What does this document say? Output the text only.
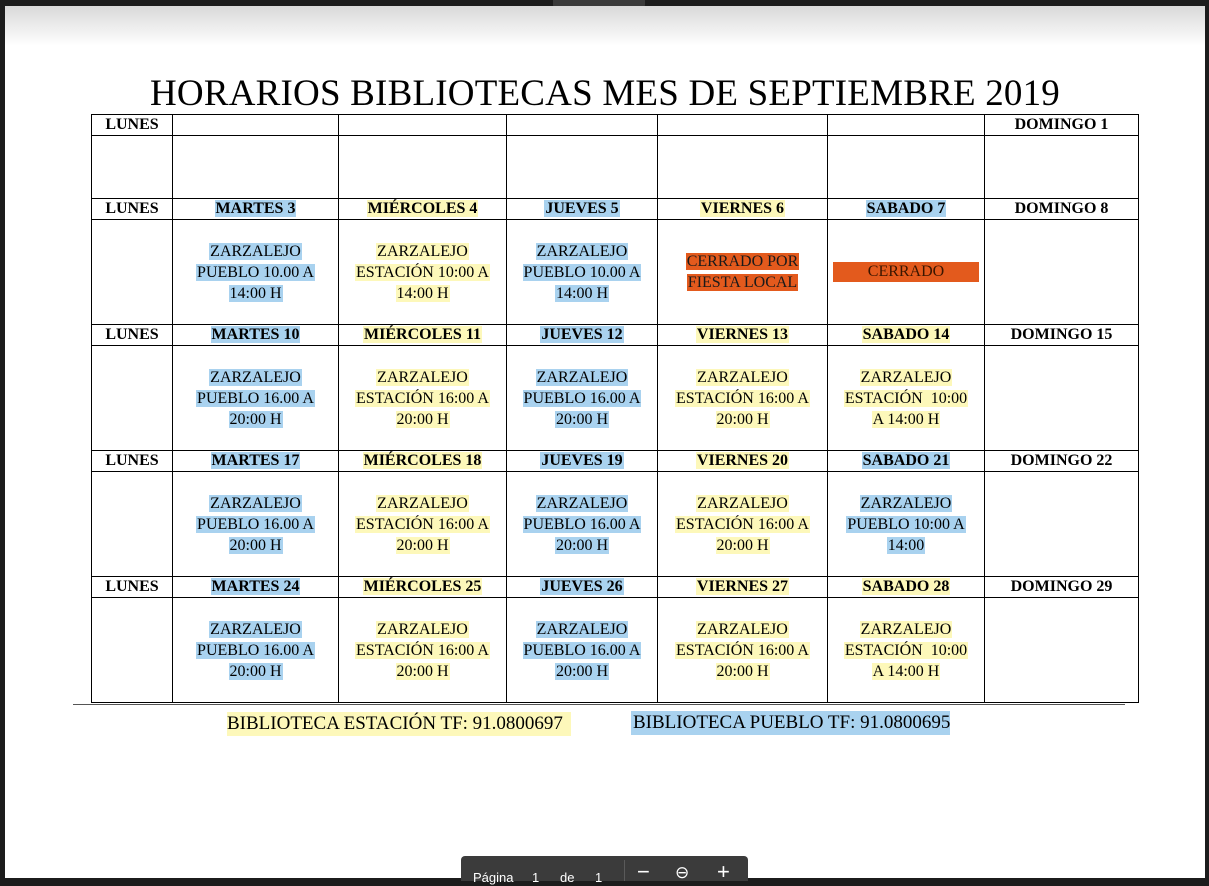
HORARIOS BIBLIOTECAS MES DE SEPTIEMBRE 2019
LUNES						DOMINGO 1

LUNES	MARTES 3	MIÉRCOLES 4	JUEVES 5	VIERNES 6	SABADO 7	DOMINGO 8
	ZARZALEJO
PUEBLO 10.00 A
14:00 H	ZARZALEJO
ESTACIÓN 10:00 A
14:00 H	ZARZALEJO
PUEBLO 10.00 A
14:00 H	CERRADO POR
FIESTA LOCAL	CERRADO	

LUNES	MARTES 10	MIÉRCOLES 11	JUEVES 12	VIERNES 13	SABADO 14	DOMINGO 15
	ZARZALEJO
PUEBLO 16.00 A
20:00 H	ZARZALEJO
ESTACIÓN 16:00 A
20:00 H	ZARZALEJO
PUEBLO 16.00 A
20:00 H	ZARZALEJO
ESTACIÓN 16:00 A
20:00 H	ZARZALEJO
ESTACIÓN  10:00
A 14:00 H	
LUNES	MARTES 17	MIÉRCOLES 18	JUEVES 19	VIERNES 20	SABADO 21	DOMINGO 22
	ZARZALEJO
PUEBLO 16.00 A
20:00 H	ZARZALEJO
ESTACIÓN 16:00 A
20:00 H	ZARZALEJO
PUEBLO 16.00 A
20:00 H	ZARZALEJO
ESTACIÓN 16:00 A
20:00 H	ZARZALEJO
PUEBLO 10:00 A
14:00	
LUNES	MARTES 24	MIÉRCOLES 25	JUEVES 26	VIERNES 27	SABADO 28	DOMINGO 29
	ZARZALEJO
PUEBLO 16.00 A
20:00 H	ZARZALEJO
ESTACIÓN 16:00 A
20:00 H	ZARZALEJO
PUEBLO 16.00 A
20:00 H	ZARZALEJO
ESTACIÓN 16:00 A
20:00 H	ZARZALEJO
ESTACIÓN  10:00
A 14:00 H	
BIBLIOTECA ESTACIÓN TF: 91.0800697	BIBLIOTECA PUEBLO TF: 91.0800695
Página 1 de 1 − ⊖ +
